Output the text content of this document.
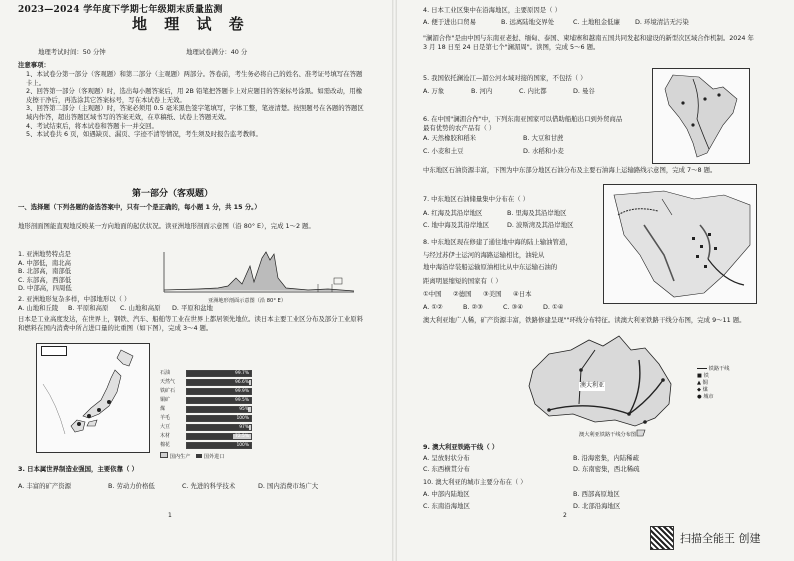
2023—2024 学年度下学期七年级期末质量监测
地 理 试 卷
地理考试时间：50 分钟	地理试卷满分：40 分
注意事项：
1、本试卷分第一部分（客观题）和第二部分（主观题）两部分。答卷前，考生务必将自己的姓名、准考证号填写在答题卡上。
2、回答第一部分（客观题）时，选出每小题答案后，用 2B 铅笔把答题卡上对应题目的答案标号涂黑。如需改动，用橡皮擦干净后，再选涂其它答案标号，写在本试卷上无效。
3、回答第二部分（主观题）时，答案必须用 0.5 毫米黑色签字笔填写，字体工整，笔迹清楚。按照题号在各题的答题区域内作答，超出答题区域书写的答案无效，在草稿纸、试卷上答题无效。
4、考试结束后，将本试卷和答题卡一并交回。
5、本试卷共 6 页，如遇缺页、漏页、字迹不清等情况，考生须及时报告监考教师。
第一部分（客观题）
一、选择题（下列各题的备选答案中，只有一个是正确的，每小题 1 分，共 15 分。）
地形剖面图能直观地反映某一方向地面的起伏状况。读亚洲地形剖面示意图（沿 80° E），完成 1～2 题。
1. 亚洲地势特点是
A. 中部低，南北高
B. 北部高，南部低
C. 东部高，西部低
D. 中部高，四周低
2. 亚洲地形复杂多样，中部地形以（ ）
A. 山地和丘陵 B. 平原和高原 C. 山地和高原 D. 平原和盆地
亚洲地形剖面示意图（沿 80° E）
日本是工业高度发达，在世界上，钢铁、汽车、船舶等工业在世界上都居领先地位。读日本主要工业区分布及部分工业原料和燃料在国内消费中所占进口量的比重图（如下图），完成 3～4 题。
石油	99.7%
天然气	96.6%
铁矿石	99.9%
铜矿	99.5%
煤	95%
羊毛	100%
大豆	97%
木材	72.5%
棉花	100%
国内生产	国外进口
3. 日本属世界制造业强国，主要依靠（ ）
A. 丰富的矿产资源	B. 劳动力价格低	C. 先进的科学技术	D. 国内消费市场广大
1
4. 日本工业区集中在沿海地区，主要原因是（ ）
A. 便于进出口贸易	B. 远离陆地交界处	C. 土地租金低廉 D. 环境清洁无污染
"澜湄合作"是由中国与东南亚老挝、缅甸、泰国、柬埔寨和越南五国共同发起和建设的新型次区域合作机制。2024 年 3 月 18 日至 24 日是第七个"澜湄周"。读图，完成 5～6 题。
5. 我国依托澜沧江—湄公河水域对接的国家，不包括（ ）
A. 万象	B. 河内	C. 内比都	D. 曼谷
6. 在中国"澜湄合作"中，下列东南亚国家可以借助船舶出口到外贸商品最有优势的农产品有（ ）
A. 天然橡胶和稻米	B. 大豆和甘蔗
C. 小麦和土豆	D. 水稻和小麦
中东地区石油资源丰富，下图为中东部分地区石油分布及主要石油海上运输路线示意图，完成 7～8 题。
7. 中东地区石油储量集中分布在（ ）
A. 红海及其沿岸地区	B. 里海及其沿岸地区
C. 地中海及其沿岸地区	D. 波斯湾及其沿岸地区
8. 中东地区现在修建了通往地中海的陆上输油管道，
与经过苏伊士运河的海路运输相比，油轮从
地中海沿岸装船运输原油相比从中东运输石油的
距离明显缩短的国家有（ ）
①中国 ②德国 ③美国 ④日本
A. ①②	B. ②③	C. ③④	D. ①④
澳大利亚地广人稀，矿产资源丰富，铁路修建呈现""环线分布特征。读澳大利亚铁路干线分布图，完成 9～11 题。
澳大利亚
澳大利亚铁路干线分布图
铁路干线
■ 铁
▲ 铜
◆ 煤
● 城市
9. 澳大利亚铁路干线（ ）
A. 呈放射状分布	B. 沿海密集，内陆稀疏
C. 东西横贯分布	D. 东南密集，西北稀疏
10. 澳大利亚的城市主要分布在（ ）
A. 中部内陆地区	B. 西部高原地区
C. 东南沿海地区	D. 北部沿海地区
2
扫描全能王 创建
